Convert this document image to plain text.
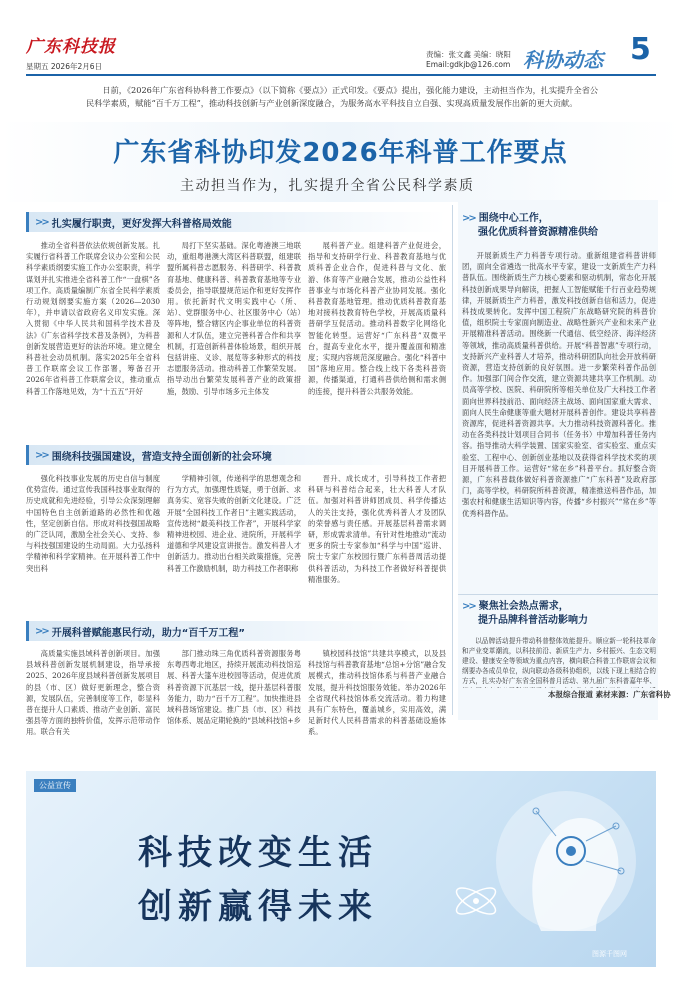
广东科技报
星期五 2026年2月6日
责编：张文鑫 美编：晓阳
Email:gdkjb@126.com 科协动态 5
日前，《2026年广东省科协科普工作要点》（以下简称《要点》）正式印发。《要点》提出，强化能力建设，主动担当作为，扎实提升全省公民科学素质，赋能“百千万工程”，推动科技创新与产业创新深度融合，为服务高水平科技自立自强、实现高质量发展作出新的更大贡献。
广东省科协印发2026年科普工作要点
主动担当作为，扎实提升全省公民科学素质
>> 扎实履行职责，更好发挥大科普格局效能

推动全省科普依法依规创新发展。扎实履行省科普工作联席会议办公室和公民科学素质纲要实施工作办公室职责，科学谋划并扎实推进全省科普工作“一盘棋”各项工作。高质量编制广东省全民科学素质行动规划纲要实施方案（2026—2030年），并申请以省政府名义印发实施。深入贯彻《中华人民共和国科学技术普及法》《广东省科学技术普及条例》，为科普创新发展营造更好的法治环境。建立健全科普社会动员机制。落实2025年全省科普工作联席会议工作部署，筹备召开2026年省科普工作联席会议，推动重点科普工作落地见效，为“十五五”开好

局打下坚实基础。深化粤港澳三地联动，重组粤港澳大湾区科普联盟，组建联盟所属科普志愿服务、科普研学、科普教育基地、健康科普、科普教育基地等专业委员会，指导联盟规范运作和更好发挥作用。依托新时代文明实践中心（所、站）、党群服务中心、社区服务中心（站）等阵地，整合辖区内企事业单位的科普资源和人才队伍，建立完善科普合作和共享机制，打造创新科普体验场景，组织开展包括讲座、义诊、展览等多种形式的科技志愿服务活动。推动科普工作繁荣发展。指导动出台繁荣发展科普产业的政策措施，鼓励、引导市场多元主体发

展科普产业。组建科普产业促进会，指导和支持研学行业、科普教育基地与优质科普企业合作，促进科普与文化、旅游、体育等产业融合发展，推动公益性科普事业与市场化科普产业协同发展。强化科普教育基地管理。推动优质科普教育基地对接科技教育特色学校，开展高质量科普研学互促活动。推动科普数字化网络化智能化转型。运营好“广东科普”双微平台，提高专业化水平，提升覆盖面和精准度；实现内容规范深度融合。强化“科普中国”落地应用。整合线上线下各类科普资源，传播渠道，打通科普供给侧和需求侧的连接，提升科普公共服务效能。

>> 围绕科技强国建设，营造支持全面创新的社会环境

强化科技事业发展的历史自信与制度优势宣传。通过宣传我国科技事业取得的历史成就和先进经验，引导公众深刻理解中国特色自主创新道路的必然性和优越性，坚定创新自信。形成对科技强国战略的广泛认同，激励全社会关心、支持、参与科技强国建设的生动局面。大力弘扬科学精神和科学家精神。在开展科普工作中突出科

学精神引领，传递科学的思想观念和行为方式，加强理性质疑，勇于创新、求真务实、宽容失败的创新文化建设。广泛开展“全国科技工作者日”主题实践活动，宣传选树“最美科技工作者”，开展科学家精神进校园、进企业、进院所，开展科学道德和学风建设宣讲报告。激发科普人才创新活力。推动出台相关政策措施，完善科普工作激励机制，助力科技工作者职称

晋升、成长成才，引导科技工作者把科研与科普结合起来，壮大科普人才队伍。加强对科普讲师团成员、科学传播达人的关注支持，强化优秀科普人才及团队的荣誉感与责任感。开展基层科普需求调研，形成需求清单。有针对性地推动“流动更多的院士专家参加“科学与中国”巡讲、院士专家广东校园行暨广东科普周活动提供科普活动，为科技工作者做好科普提供精准服务。

>> 开展科普赋能惠民行动，助力“百千万工程”

高质量实施县域科普创新项目。加强县域科普创新发展机制建设，指导承接2025、2026年度县域科普创新发展项目的县（市、区）做好更新理念，整合资源，发展队伍，完善制度等工作，彰显科普在提升人口素质、推动产业创新、富民强县等方面的独特价值，发挥示范带动作用。联合有关

部门推动珠三角优质科普资源服务粤东粤西粤北地区，持续开展流动科技馆巡展、科普大篷车进校园等活动，促进优质科普资源下沉基层一线，提升基层科普服务能力，助力“百千万工程”。加快推进县域科普场馆建设。推广县（市、区）科技馆体系、展品定期轮换的“县域科技馆+乡

镇校园科技馆”共建共享模式，以及县科技馆与科普教育基地“总馆+分馆”融合发展模式，推动科技馆体系与科普产业融合发展，提升科技馆服务效能。举办2026年全省现代科技馆体系交流活动。着力构建具有广东特色，覆盖城乡，实用高效，满足新时代人民科普需求的科普基础设施体系。

>> 围绕中心工作，
强化优质科普资源精准供给

开展新质生产力科普专项行动。重新组建省科普讲师团，面向全省遴选一批高水平专家，建设一支新质生产力科普队伍。围绕新质生产力核心要素和驱动机制，常态化开展科技创新成果导向解读，把握人工智能赋能千行百业趋势规律，开展新质生产力科普，激发科技创新自信和活力，促进科技成果转化。发挥中国工程院广东战略研究院的科普价值，组织院士专家面向制造业、战略性新兴产业和未来产业开展精准科普活动。围绕新一代通信、低空经济、海洋经济等领域，推动高质量科普供给。开展“科普智惠”专项行动，支持新兴产业科普人才培养，推动科研团队向社会开放科研资源，营造支持创新的良好氛围。进一步繁荣科普作品创作。加强部门间合作交流，建立资源共建共享工作机制。动员高等学校、医院、科研院所等相关单位及广大科技工作者面向世界科技前沿、面向经济主战场、面向国家重大需求、面向人民生命健康等重大题材开展科普创作。建设共享科普资源库，促进科普资源共享。大力推动科技资源科普化。推动在各类科技计划项目合同书（任务书）中增加科普任务内容。指导推动大科学装置、国家实验室、省实验室、重点实验室、工程中心、创新创业基地以及获得省科学技术奖的项目开展科普工作。运营好“常在乡”科普平台。抓好整合资源，广东科普载体做好科普资源推广“广东科普”及政府部门，高等学校，科研院所科普资源，精准推送科普作品，加强农村和健康生活知识等内容，传播“乡村振兴”“常在乡”等优秀科普作品。

>> 聚焦社会热点需求，
提升品牌科普活动影响力

以品牌活动提升带动科普整体效能提升。顺应新一轮科技革命和产业变革潮流，以科技前沿、新质生产力、乡村振兴、生态文明建设、健康安全等领域为重点内容，横向联合科普工作联席会议和纲要办各成员单位，纵向联动各级科协组织，以线下现上相结合的方式，扎实办好广东省全国科普月活动、第九届广东科普嘉年华、

本报综合报道 素材来源：广东省科协
公益宣传
科技改变生活
创新赢得未来
图源千图网
